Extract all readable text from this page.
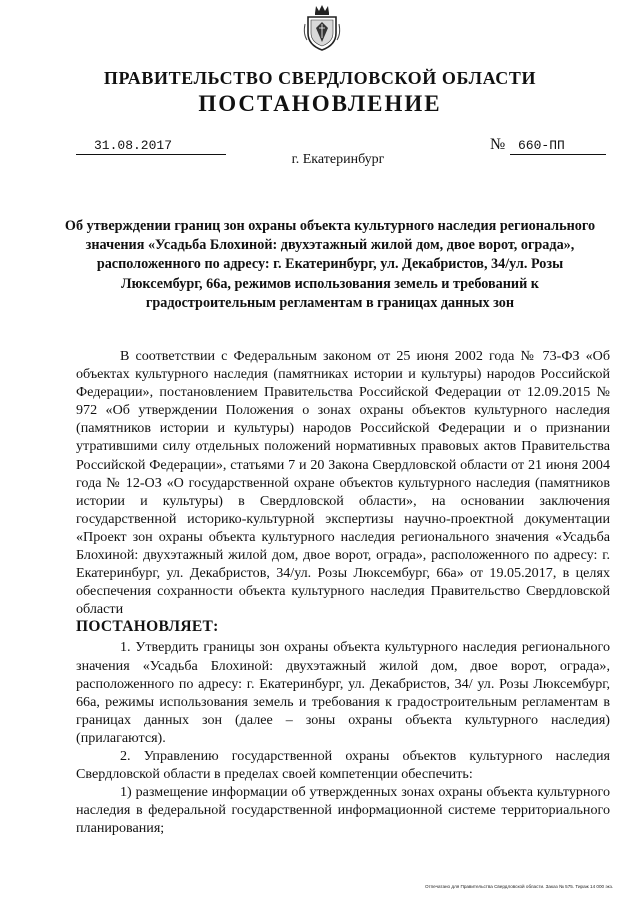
ПРАВИТЕЛЬСТВО СВЕРДЛОВСКОЙ ОБЛАСТИ
ПОСТАНОВЛЕНИЕ
31.08.2017	№ 660-ПП
г. Екатеринбург
Об утверждении границ зон охраны объекта культурного наследия регионального значения «Усадьба Блохиной: двухэтажный жилой дом, двое ворот, ограда», расположенного по адресу: г. Екатеринбург, ул. Декабристов, 34/ул. Розы Люксембург, 66а, режимов использования земель и требований к градостроительным регламентам в границах данных зон

В соответствии с Федеральным законом от 25 июня 2002 года № 73-ФЗ «Об объектах культурного наследия (памятниках истории и культуры) народов Российской Федерации», постановлением Правительства Российской Федерации от 12.09.2015 № 972 «Об утверждении Положения о зонах охраны объектов культурного наследия (памятников истории и культуры) народов Российской Федерации и о признании утратившими силу отдельных положений нормативных правовых актов Правительства Российской Федерации», статьями 7 и 20 Закона Свердловской области от 21 июня 2004 года № 12-ОЗ «О государственной охране объектов культурного наследия (памятников истории и культуры) в Свердловской области», на основании заключения государственной историко-культурной экспертизы научно-проектной документации «Проект зон охраны объекта культурного наследия регионального значения «Усадьба Блохиной: двухэтажный жилой дом, двое ворот, ограда», расположенного по адресу: г. Екатеринбург, ул. Декабристов, 34/ул. Розы Люксембург, 66а» от 19.05.2017, в целях обеспечения сохранности объекта культурного наследия Правительство Свердловской области

ПОСТАНОВЛЯЕТ:

1. Утвердить границы зон охраны объекта культурного наследия регионального значения «Усадьба Блохиной: двухэтажный жилой дом, двое ворот, ограда», расположенного по адресу: г. Екатеринбург, ул. Декабристов, 34/ ул. Розы Люксембург, 66а, режимы использования земель и требования к градостроительным регламентам в границах данных зон (далее – зоны охраны объекта культурного наследия) (прилагаются).

2. Управлению государственной охраны объектов культурного наследия Свердловской области в пределах своей компетенции обеспечить:

1) размещение информации об утвержденных зонах охраны объекта культурного наследия в федеральной государственной информационной системе территориального планирования;

Отпечатано для Правительства Свердловской области. Заказ № 575. Тираж 14 000 экз.
